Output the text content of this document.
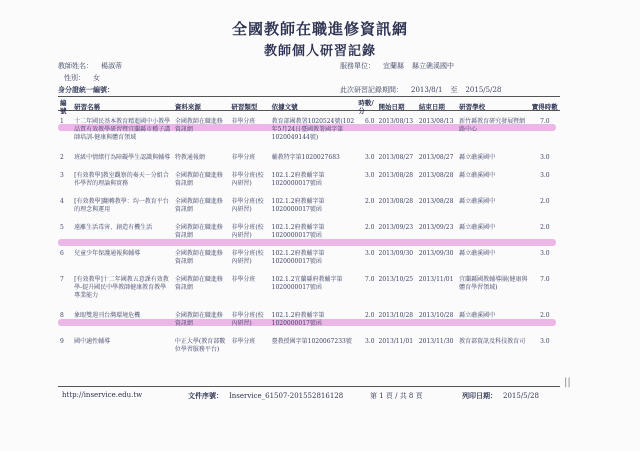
全國教師在職進修資訊網
教師個人研習記錄
教師姓名： 楊淑蒂	服務單位： 宜蘭縣 縣立礁溪國中
性別： 女
身分證統一編號：	此次研習記錄期間： 2013/8/1 至 2015/5/28
編號	研習名稱	資料來源	研習類型	依據文號	時數/分	開始日期	結束日期	研習學校	實得時數
1	十二年國民基本教育精進國中小教學品質有效教學研習暨宜蘭縣市種子講師培訓-健康與體育領域	全國教師在職進修資訊網	非學分班	教育部國教署1020524號(102年5月24日臺國教署國字第1020049144號)	6.0	2013/08/13	2013/08/13	新竹縣教育研究發展暨網路中心	7.0
2	班級中情緒行為障礙學生認識與輔導	特教通報網	非學分班	輔教特字第1020027683	3.0	2013/08/27	2013/08/27	縣立礁溪國中	3.0
3	[有效教學]教室觀察的奏天－分組合作學習的理論與實務	全國教師在職進修資訊網	非學分班(校內研習)	102.1.2府教輔字第1020000017號函	3.0	2013/08/28	2013/08/28	縣立礁溪國中	3.0
4	[有效教學]翻轉教學：均一教育平台的理念與運用	全國教師在職進修資訊網	非學分班(校內研習)	102.1.2府教輔字第1020000017號函	2.0	2013/08/28	2013/08/28	縣立礁溪國中	2.0
5	遠離生活毒害、創造有機生活	全國教師在職進修資訊網	非學分班(校內研習)	102.1.2府教輔字第1020000017號函	2.0	2013/09/23	2013/09/23	縣立礁溪國中	2.0
6	兒童少年保護通報與輔導	全國教師在職進修資訊網	非學分班(校內研習)	102.1.2府教輔字第1020000017號函	3.0	2013/09/30	2013/09/30	縣立礁溪國中	3.0
7	[有效教學]十二年國教五意課有效教學-提升國民中學教師健康教育教學專業能力	全國教師在職進修資訊網	非學分班	102.1.2宜蘭縣府教輔字第1020000017號函	7.0	2013/10/25	2013/11/01	宜蘭縣國教輔導團(健康與體育學習領域)	7.0
8	象眼雙週刊台灣環境危機	全國教師在職進修資訊網	非學分班(校內研習)	102.1.2府教輔字第1020000017號函	2.0	2013/10/28	2013/10/28	縣立礁溪國中	2.0
9	國中適性輔導	中正大學(教育部數位學習服務平台)	非學分班	臺教授國字第1020067233號	3.0	2013/11/01	2013/11/30	教育部資訊及科技教育司	3.0
||
http://inservice.edu.tw	文件序號： Inservice_61507-201552816128	第 1 頁 / 共 8 頁	列印日期： 2015/5/28
